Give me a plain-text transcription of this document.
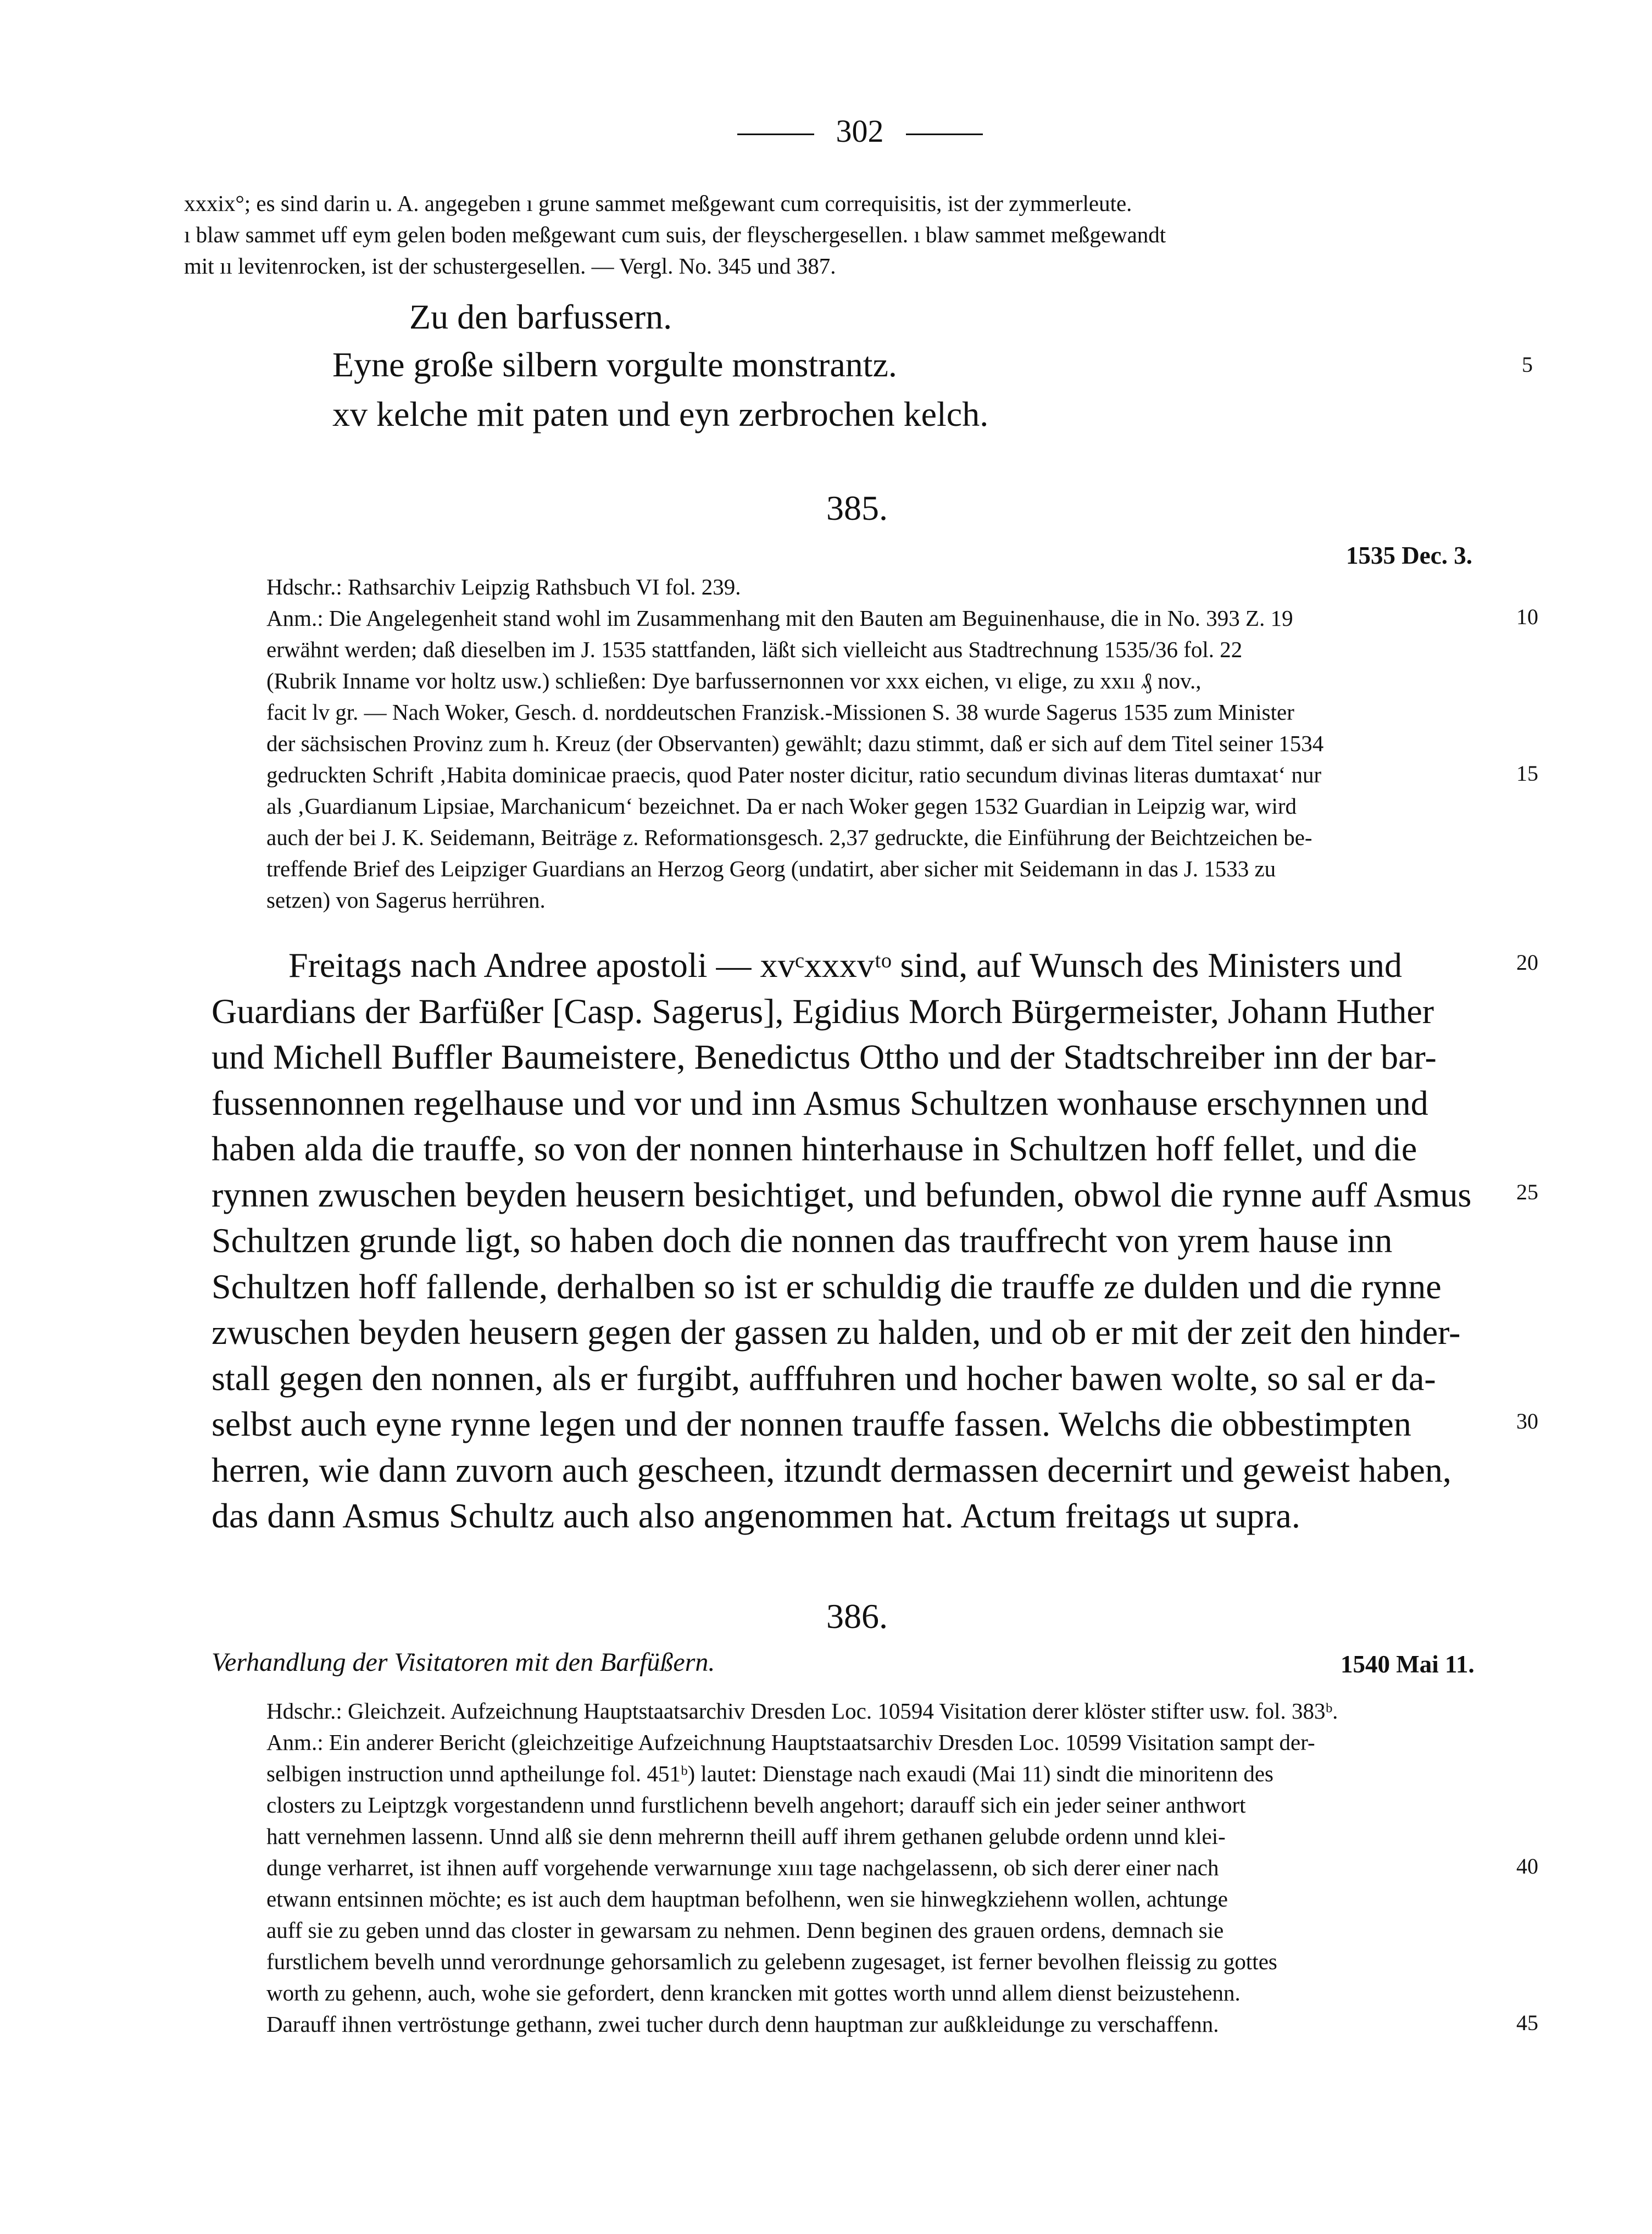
302

xxxix°; es sind darin u. A. angegeben ı grune sammet meßgewant cum correquisitis, ist der zymmerleute.

ı blaw sammet uff eym gelen boden meßgewant cum suis, der fleyschergesellen. ı blaw sammet meßgewandt

mit ıı levitenrocken, ist der schustergesellen. — Vergl. No. 345 und 387.

Zu den barfussern.

Eyne große silbern vorgulte monstrantz.

xv kelche mit paten und eyn zerbrochen kelch.

385.
1535 Dec. 3.

Hdschr.: Rathsarchiv Leipzig Rathsbuch VI fol. 239.

Anm.: Die Angelegenheit stand wohl im Zusammenhang mit den Bauten am Beguinenhause, die in No. 393 Z. 19

erwähnt werden; daß dieselben im J. 1535 stattfanden, läßt sich vielleicht aus Stadtrechnung 1535/36 fol. 22

(Rubrik Inname vor holtz usw.) schließen: Dye barfussernonnen vor xxx eichen, vı elige, zu xxıı ₰ nov.,

facit lv gr. — Nach Woker, Gesch. d. norddeutschen Franzisk.-Missionen S. 38 wurde Sagerus 1535 zum Minister

der sächsischen Provinz zum h. Kreuz (der Observanten) gewählt; dazu stimmt, daß er sich auf dem Titel seiner 1534

gedruckten Schrift ‚Habita dominicae praecis, quod Pater noster dicitur, ratio secundum divinas literas dumtaxat‘ nur

als ‚Guardianum Lipsiae, Marchanicum‘ bezeichnet. Da er nach Woker gegen 1532 Guardian in Leipzig war, wird

auch der bei J. K. Seidemann, Beiträge z. Reformationsgesch. 2,37 gedruckte, die Einführung der Beichtzeichen be-

treffende Brief des Leipziger Guardians an Herzog Georg (undatirt, aber sicher mit Seidemann in das J. 1533 zu

setzen) von Sagerus herrühren.

Freitags nach Andree apostoli — xvᶜxxxvᵗᵒ sind, auf Wunsch des Ministers und

Guardians der Barfüßer [Casp. Sagerus], Egidius Morch Bürgermeister, Johann Huther

und Michell Buffler Baumeistere, Benedictus Ottho und der Stadtschreiber inn der bar-

fussennonnen regelhause und vor und inn Asmus Schultzen wonhause erschynnen und

haben alda die trauffe, so von der nonnen hinterhause in Schultzen hoff fellet, und die

rynnen zwuschen beyden heusern besichtiget, und befunden, obwol die rynne auff Asmus

Schultzen grunde ligt, so haben doch die nonnen das trauffrecht von yrem hause inn

Schultzen hoff fallende, derhalben so ist er schuldig die trauffe ze dulden und die rynne

zwuschen beyden heusern gegen der gassen zu halden, und ob er mit der zeit den hinder-

stall gegen den nonnen, als er furgibt, aufffuhren und hocher bawen wolte, so sal er da-

selbst auch eyne rynne legen und der nonnen trauffe fassen. Welchs die obbestimpten

herren, wie dann zuvorn auch gescheen, itzundt dermassen decernirt und geweist haben,

das dann Asmus Schultz auch also angenommen hat. Actum freitags ut supra.

386.

Verhandlung der Visitatoren mit den Barfüßern.	1540 Mai 11.

Hdschr.: Gleichzeit. Aufzeichnung Hauptstaatsarchiv Dresden Loc. 10594 Visitation derer klöster stifter usw. fol. 383ᵇ.

Anm.: Ein anderer Bericht (gleichzeitige Aufzeichnung Hauptstaatsarchiv Dresden Loc. 10599 Visitation sampt der-

selbigen instruction unnd aptheilunge fol. 451ᵇ) lautet: Dienstage nach exaudi (Mai 11) sindt die minoritenn des

closters zu Leiptzgk vorgestandenn unnd furstlichenn bevelh angehort; darauff sich ein jeder seiner anthwort

hatt vernehmen lassenn. Unnd alß sie denn mehrernn theill auff ihrem gethanen gelubde ordenn unnd klei-

dunge verharret, ist ihnen auff vorgehende verwarnunge xıııı tage nachgelassenn, ob sich derer einer nach

etwann entsinnen möchte; es ist auch dem hauptman befolhenn, wen sie hinwegkziehenn wollen, achtunge

auff sie zu geben unnd das closter in gewarsam zu nehmen. Denn beginen des grauen ordens, demnach sie

furstlichem bevelh unnd verordnunge gehorsamlich zu gelebenn zugesaget, ist ferner bevolhen fleissig zu gottes

worth zu gehenn, auch, wohe sie gefordert, denn krancken mit gottes worth unnd allem dienst beizustehenn.

Darauff ihnen vertröstunge gethann, zwei tucher durch denn hauptman zur außkleidunge zu verschaffenn.

5
10
15
20
25
30
40
45
